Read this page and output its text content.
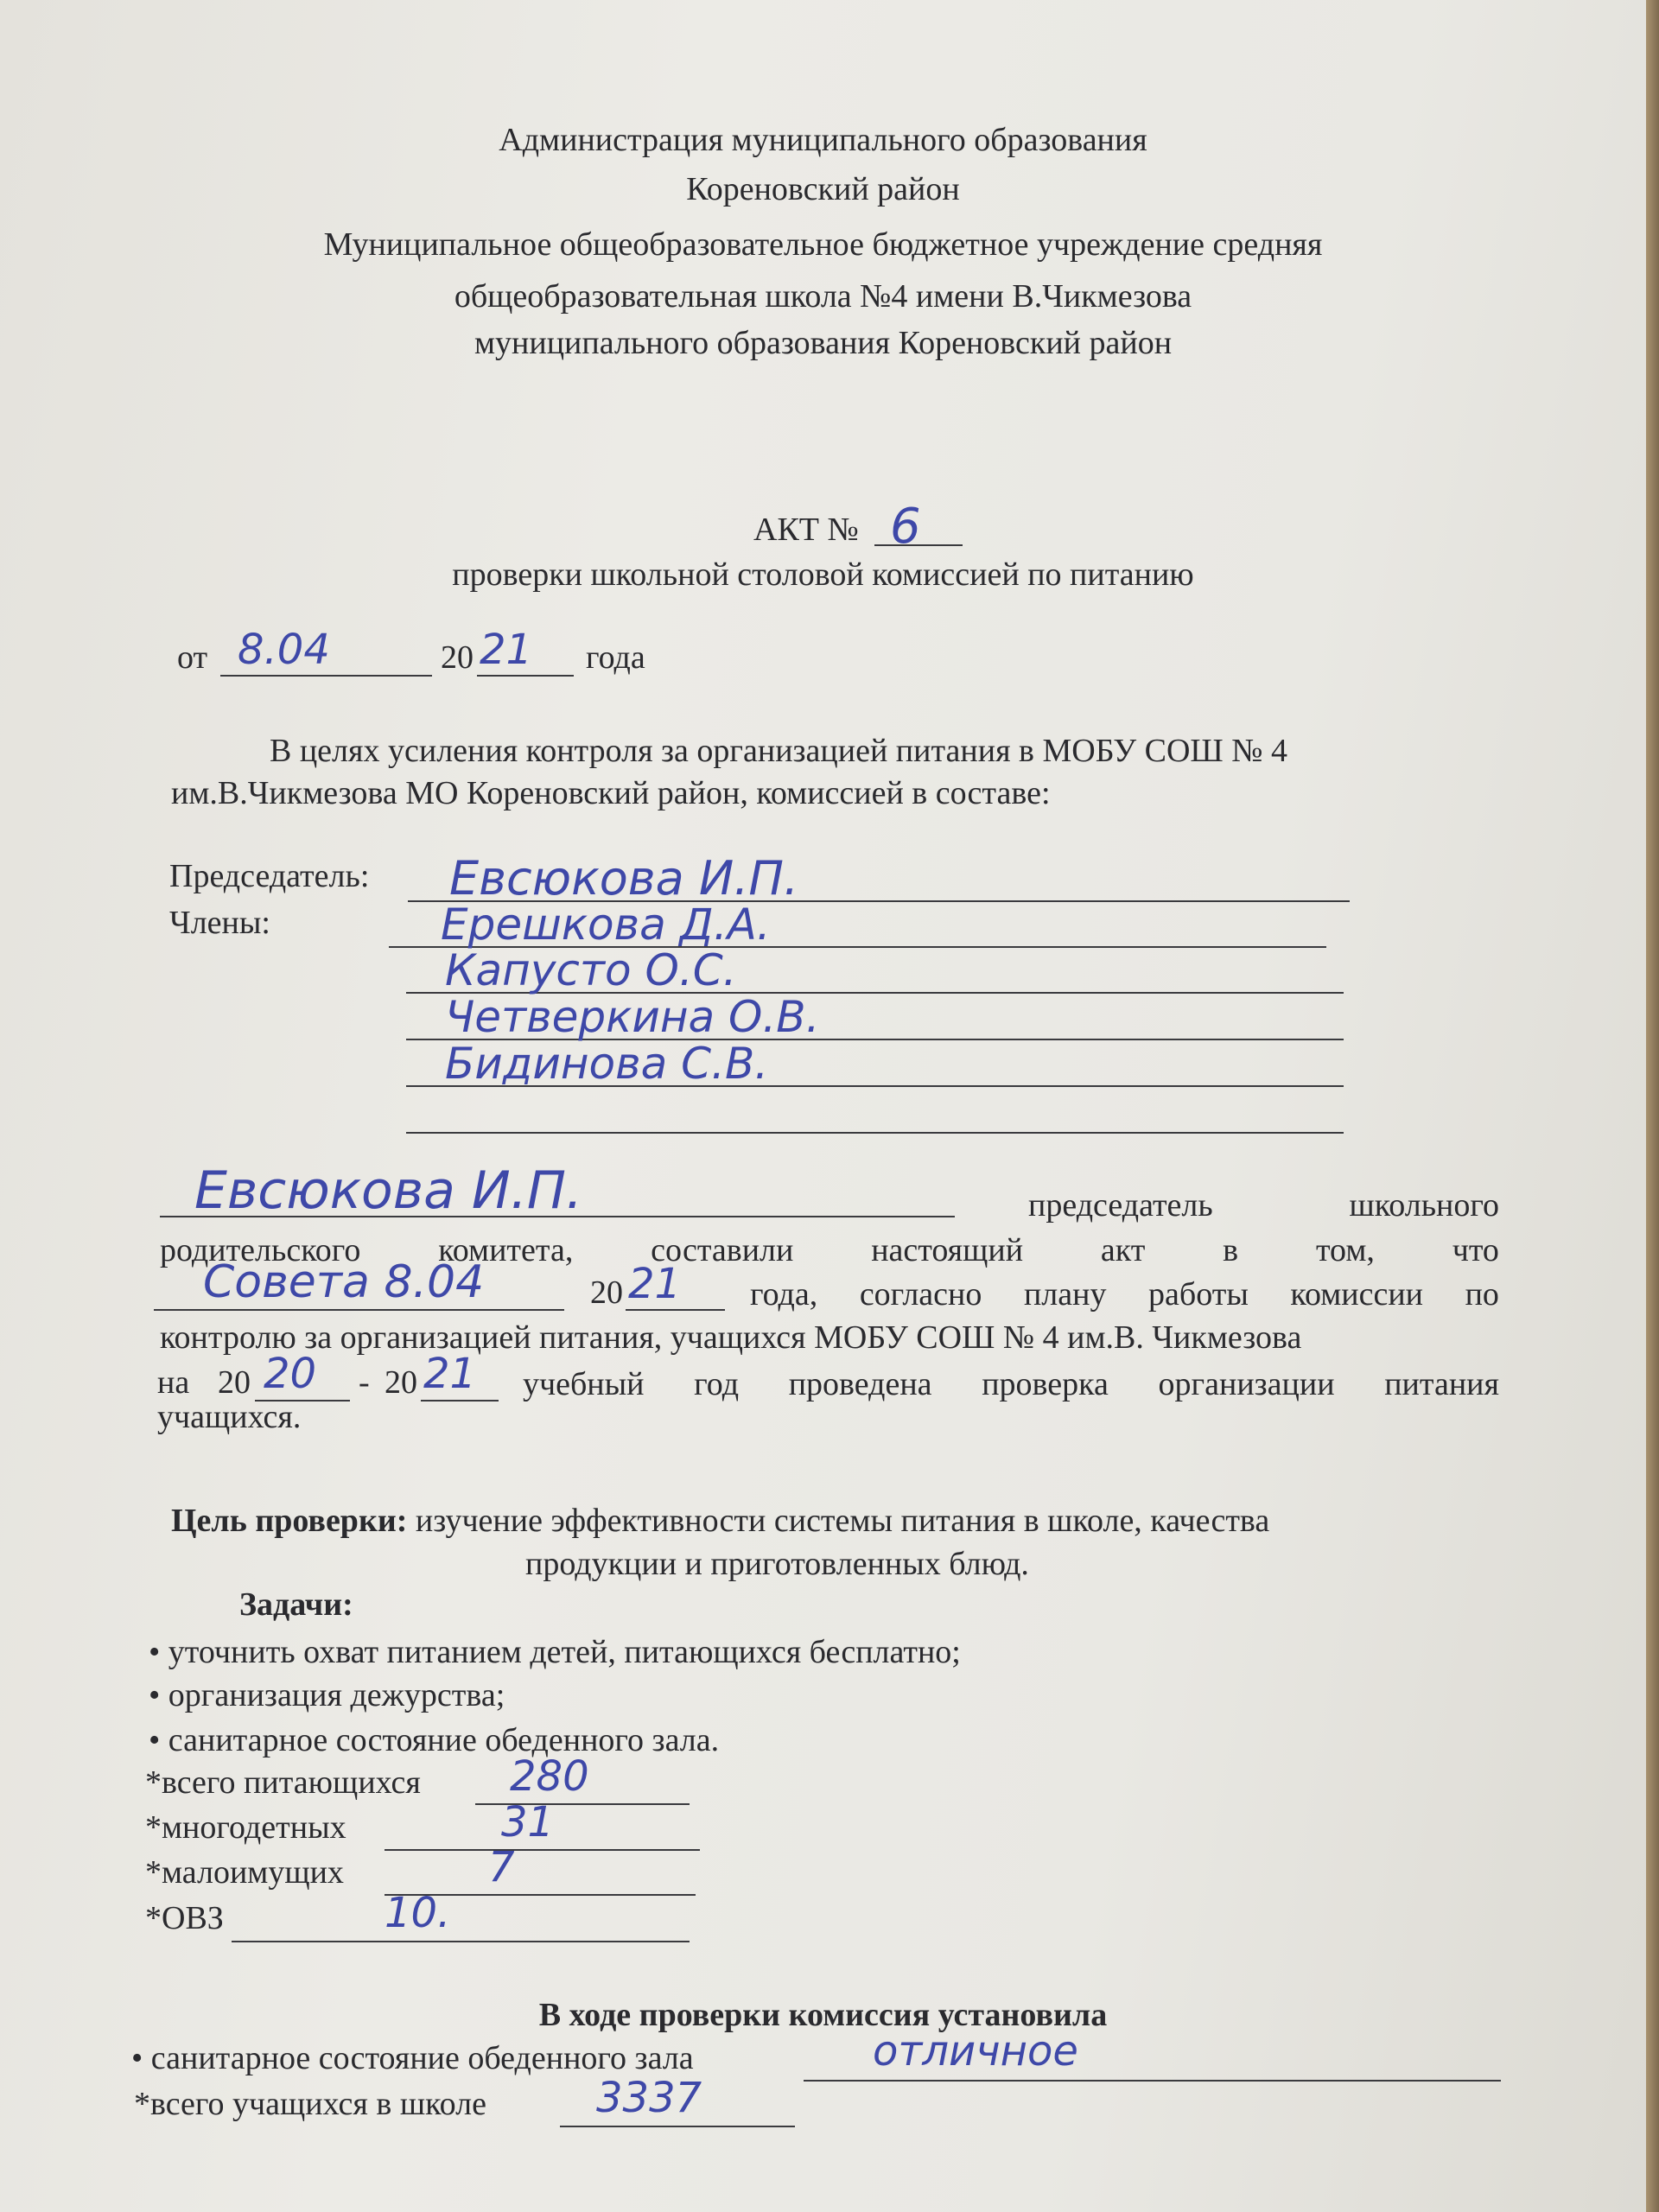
Администрация муниципального образования
Кореновский район
Муниципальное общеобразовательное бюджетное учреждение средняя
общеобразовательная школа №4 имени В.Чикмезова
муниципального образования Кореновский район
АКТ № 6
проверки школьной столовой комиссией по питанию
от 8.04	20 21 года
В целях усиления контроля за организацией питания в МОБУ СОШ № 4
им.В.Чикмезова МО Кореновский район, комиссией в составе:
Председатель: Евсюкова И.П.
Члены:	Ерешкова Д.А.
Капусто О.С.
Четверкина О.В.
Бидинова С.В.
Евсюкова И.П.	председатель	школьного
родительского комитета, составили настоящий акт в том, что
Совета 8.04	20 21 года, согласно плану работы комиссии по
контролю за организацией питания, учащихся МОБУ СОШ № 4 им.В. Чикмезова
на 20 20 - 20 21 учебный год проведена проверка организации питания
учащихся.
Цель проверки: изучение эффективности системы питания в школе, качества
продукции и приготовленных блюд.
Задачи:
• уточнить охват питанием детей, питающихся бесплатно;
• организация дежурства;
• санитарное состояние обеденного зала.
*всего питающихся 280
*многодетных	31
*малоимущих	7
*ОВЗ	10.
В ходе проверки комиссия установила
• санитарное состояние обеденного зала	отличное
*всего учащихся в школе	3337
